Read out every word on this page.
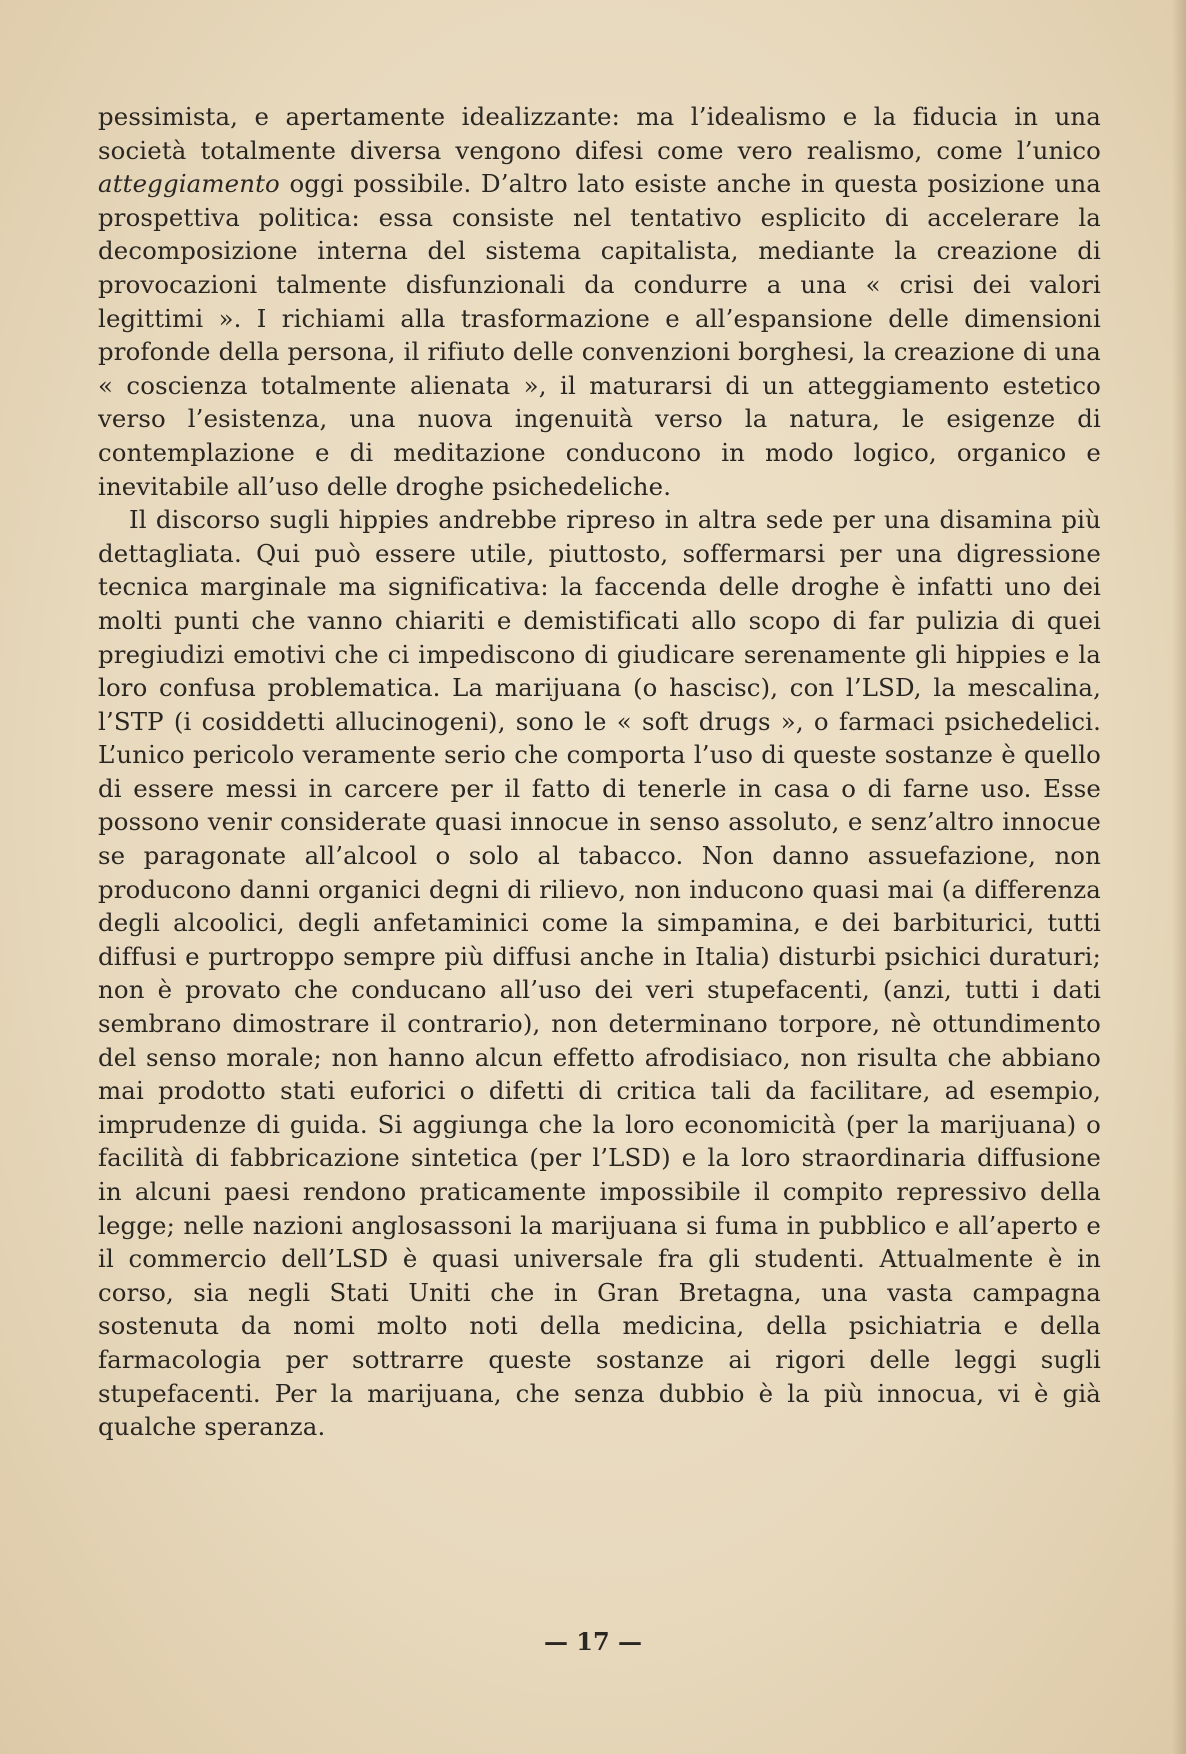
pessimista, e apertamente idealizzante: ma l’idealismo e la fiducia in una società totalmente diversa vengono difesi come vero realismo, come l’unico atteggiamento oggi possibile. D’altro lato esiste anche in questa posizione una prospettiva politica: essa consiste nel tentativo esplicito di accelerare la decomposizione interna del sistema capitalista, mediante la creazione di provocazioni talmente disfunzionali da condurre a una « crisi dei valori legittimi ». I richiami alla trasformazione e all’espansione delle dimensioni profonde della persona, il rifiuto delle convenzioni borghesi, la creazione di una « coscienza totalmente alienata », il maturarsi di un atteggiamento estetico verso l’esistenza, una nuova ingenuità verso la natura, le esigenze di contemplazione e di meditazione conducono in modo logico, organico e inevitabile all’uso delle droghe psichedeliche.

Il discorso sugli hippies andrebbe ripreso in altra sede per una disamina più dettagliata. Qui può essere utile, piuttosto, soffermarsi per una digressione tecnica marginale ma significativa: la faccenda delle droghe è infatti uno dei molti punti che vanno chiariti e demistificati allo scopo di far pulizia di quei pregiudizi emotivi che ci impediscono di giudicare serenamente gli hippies e la loro confusa problematica. La marijuana (o hascisc), con l’LSD, la mescalina, l’STP (i cosiddetti allucinogeni), sono le « soft drugs », o farmaci psichedelici. L’unico pericolo veramente serio che comporta l’uso di queste sostanze è quello di essere messi in carcere per il fatto di tenerle in casa o di farne uso. Esse possono venir considerate quasi innocue in senso assoluto, e senz’altro innocue se paragonate all’alcool o solo al tabacco. Non danno assuefazione, non producono danni organici degni di rilievo, non inducono quasi mai (a differenza degli alcoolici, degli anfetaminici come la simpamina, e dei barbiturici, tutti diffusi e purtroppo sempre più diffusi anche in Italia) disturbi psichici duraturi; non è provato che conducano all’uso dei veri stupefacenti, (anzi, tutti i dati sembrano dimostrare il contrario), non determinano torpore, nè ottundimento del senso morale; non hanno alcun effetto afrodisiaco, non risulta che abbiano mai prodotto stati euforici o difetti di critica tali da facilitare, ad esempio, imprudenze di guida. Si aggiunga che la loro economicità (per la marijuana) o facilità di fabbricazione sintetica (per l’LSD) e la loro straordinaria diffusione in alcuni paesi rendono praticamente impossibile il compito repressivo della legge; nelle nazioni anglosassoni la marijuana si fuma in pubblico e all’aperto e il commercio dell’LSD è quasi universale fra gli studenti. Attualmente è in corso, sia negli Stati Uniti che in Gran Bretagna, una vasta campagna sostenuta da nomi molto noti della medicina, della psichiatria e della farmacologia per sottrarre queste sostanze ai rigori delle leggi sugli stupefacenti. Per la marijuana, che senza dubbio è la più innocua, vi è già qualche speranza.

— 17 —
